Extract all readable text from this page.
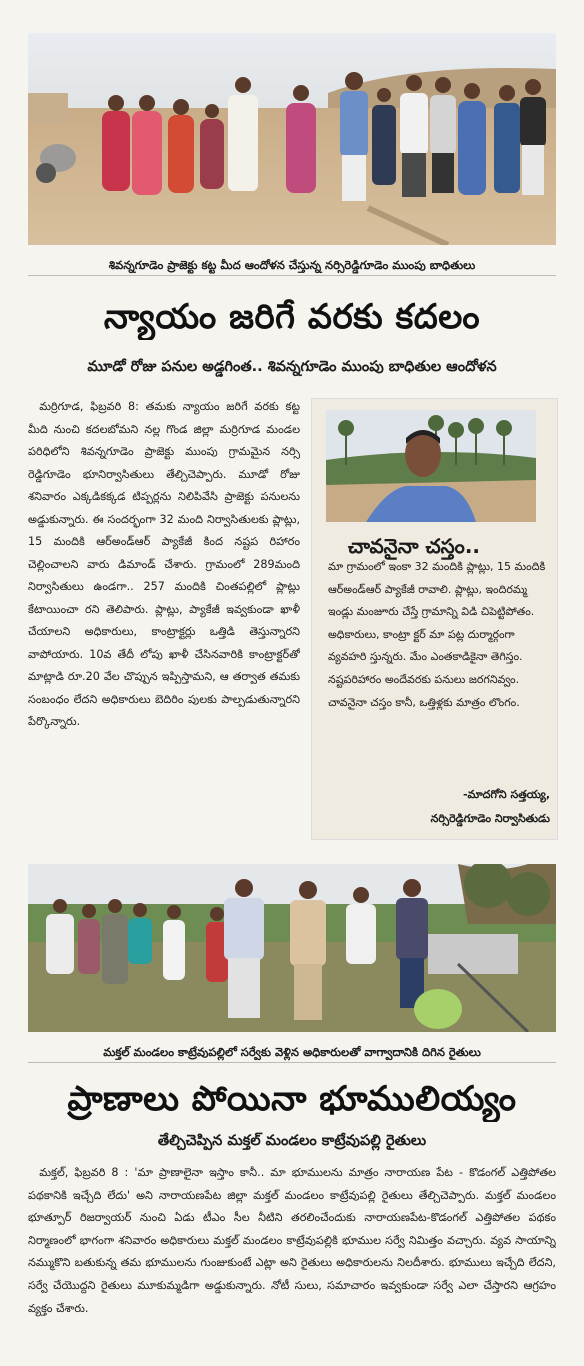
శివన్నగూడెం ప్రాజెక్టు కట్ట మీద ఆందోళన చేస్తున్న నర్సిరెడ్డిగూడెం ముంపు బాధితులు
న్యాయం జరిగే వరకు కదలం
మూడో రోజు పనుల అడ్డగింత.. శివన్నగూడెం ముంపు బాధితుల ఆందోళన

మర్రిగూడ, ఫిబ్రవరి 8: తమకు న్యాయం జరిగే వరకు కట్ట మీది నుంచి కదలబోమని నల్ల గొండ జిల్లా మర్రిగూడ మండల పరిధిలోని శివన్నగూడెం ప్రాజెక్టు ముంపు గ్రామమైన నర్సి రెడ్డిగూడెం భూనిర్వాసితులు తేల్చిచెప్పారు. మూడో రోజు శనివారం ఎక్కడికక్కడ టిప్పర్లను నిలిపివేసి ప్రాజెక్టు పనులను అడ్డుకున్నారు. ఈ సందర్భంగా 32 మంది నిర్వాసితులకు ప్లాట్లు, 15 మందికి ఆర్‌అండ్‌ఆర్ ప్యాకేజీ కింద నష్టప రిహారం చెల్లించాలని వారు డిమాండ్ చేశారు. గ్రామంలో 289మంది నిర్వాసితులు ఉండగా.. 257 మందికి చింతపల్లిలో ప్లాట్లు కేటాయించా రని తెలిపారు. ప్లాట్లు, ప్యాకేజీ ఇవ్వకుండా ఖాళీ చేయాలని అధికారులు, కాంట్రాక్టర్లు ఒత్తిడి తెస్తున్నారని వాపోయారు. 10వ తేదీ లోపు ఖాళీ చేసినవారికి కాంట్రాక్టర్‌తో మాట్లాడి రూ.20 వేల చొప్పున ఇప్పిస్తామని, ఆ తర్వాత తమకు సంబంధం లేదని అధికారులు బెదిరిం పులకు పాల్పడుతున్నారని పేర్కొన్నారు.

చావనైనా చస్తం..
మా గ్రామంలో ఇంకా 32 మందికి ప్లాట్లు, 15 మందికి ఆర్‌అండ్‌ఆర్ ప్యాకేజీ రావాలి. ప్లాట్లు, ఇందిరమ్మ ఇండ్లు మంజూరు చేస్తే గ్రామాన్ని విడి చిపెట్టిపోతం. అధికారులు, కాంట్రా క్టర్ మా పట్ల దుర్మార్గంగా వ్యవహరి స్తున్నరు. మేం ఎంతకాడికైనా తెగిస్తం. నష్టపరిహారం అందేవరకు పనులు జరగనివ్వం. చావనైనా చస్తం కానీ, ఒత్తిళ్లకు మాత్రం లొంగం.
-మాదగోని సత్తయ్య,
నర్సిరెడ్డిగూడెం నిర్వాసితుడు
మక్తల్ మండలం కాట్రేవుపల్లిలో సర్వేకు వెళ్లిన అధికారులతో వాగ్వాదానికి దిగిన రైతులు
ప్రాణాలు పోయినా భూములియ్యం
తేల్చిచెప్పిన మక్తల్ మండలం కాట్రేవుపల్లి రైతులు

మక్తల్, ఫిబ్రవరి 8 : 'మా ప్రాణాలైనా ఇస్తాం కానీ.. మా భూములను మాత్రం నారాయణ పేట - కొడంగల్ ఎత్తిపోతల పథకానికి ఇచ్చేది లేదు' అని నారాయణపేట జిల్లా మక్తల్ మండలం కాట్రేవుపల్లి రైతులు తేల్చిచెప్పారు. మక్తల్ మండలం భూత్పూర్ రిజర్వాయర్ నుంచి ఏడు టీఎం సీల నీటిని తరలించేందుకు నారాయణపేట-కొడంగల్ ఎత్తిపోతల పథకం నిర్మాణంలో భాగంగా శనివారం అధికారులు మక్తల్ మండలం కాట్రేవుపల్లికి భూముల సర్వే నిమిత్తం వచ్చారు. వ్యవ సాయాన్ని నమ్ముకొని బతుకున్న తమ భూములను గుంజుకుంటే ఎట్లా అని రైతులు అధికారులను నిలదీశారు. భూములు ఇచ్చేది లేదని, సర్వే చేయొద్దని రైతులు మూకుమ్మడిగా అడ్డుకున్నారు. నోటీ సులు, సమాచారం ఇవ్వకుండా సర్వే ఎలా చేస్తారని ఆగ్రహం వ్యక్తం చేశారు.
